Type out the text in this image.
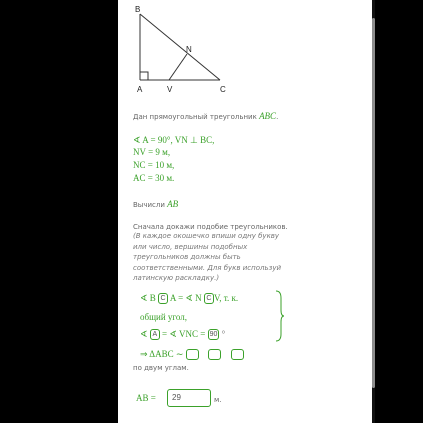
B
N
A	V	C
Дан прямоугольный треугольник ABC.
∢ A = 90°, VN ⊥ BC,
NV = 9 м,
NC = 10 м,
AC = 30 м.
Вычисли AB
Сначала докажи подобие треугольников.
(В каждое окошечко впиши одну букву или число, вершины подобных треугольников должны быть соответственными. Для букв используй латинскую раскладку.)
∢ B C A = ∢ N C V, т. к.
общий угол,
∢ A = ∢ VNC = 90 °
⇒ ΔABC ∼
по двум углам.
AB =	29	м.
